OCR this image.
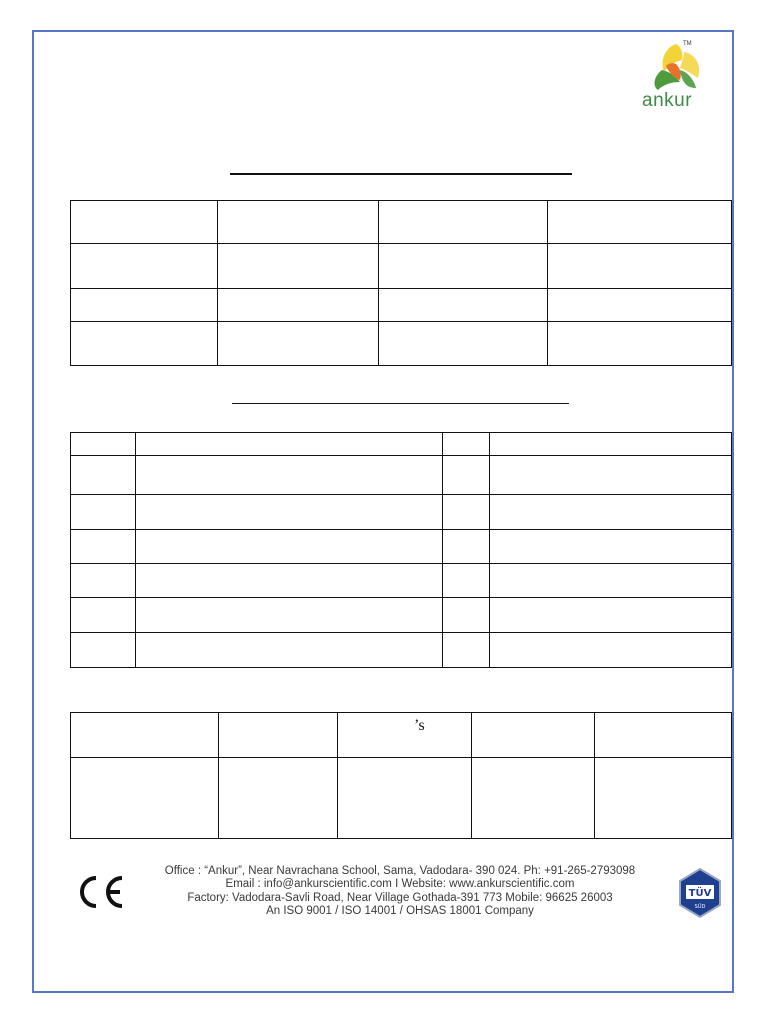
TM
ankur

		’s		

Office : “Ankur”, Near Navrachana School, Sama, Vadodara- 390 024. Ph: +91-265-2793098
Email : info@ankurscientific.com I Website: www.ankurscientific.com
Factory: Vadodara-Savli Road, Near Village Gothada-391 773 Mobile: 96625 26003
An ISO 9001 / ISO 14001 / OHSAS 18001 Company
TÜV
SÜD
